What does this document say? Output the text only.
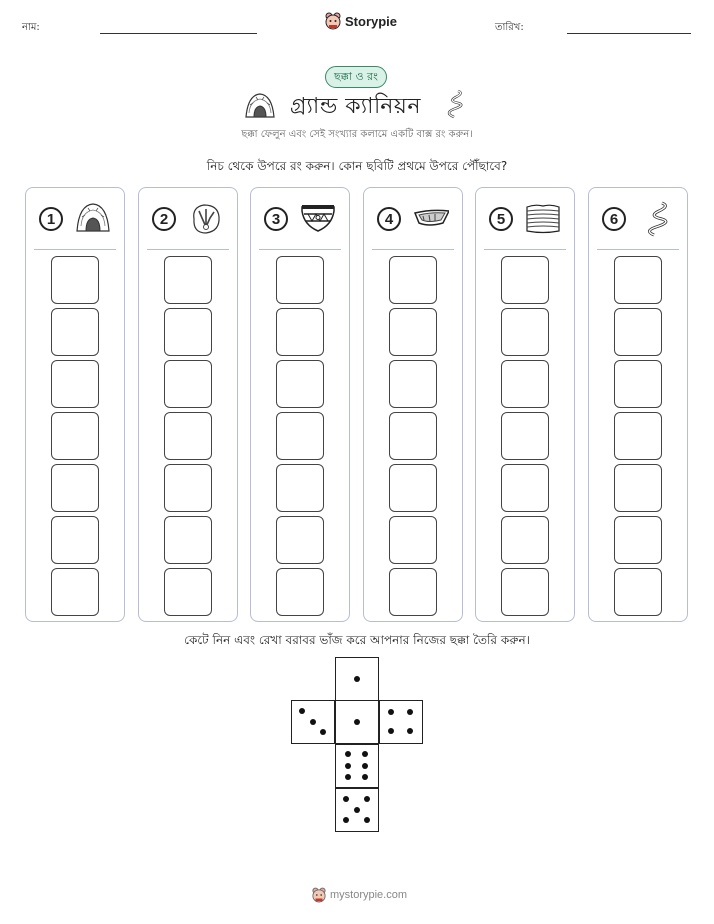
নাম:	Storypie	তারিখ:
ছক্কা ও রং
গ্র্যান্ড ক্যানিয়ন
ছক্কা ফেলুন এবং সেই সংখ্যার কলামে একটি বাক্স রং করুন।
নিচ থেকে উপরে রং করুন। কোন ছবিটি প্রথমে উপরে পৌঁছাবে?
1	2	3	4	5	6
কেটে নিন এবং রেখা বরাবর ভাঁজ করে আপনার নিজের ছক্কা তৈরি করুন।
mystorypie.com
